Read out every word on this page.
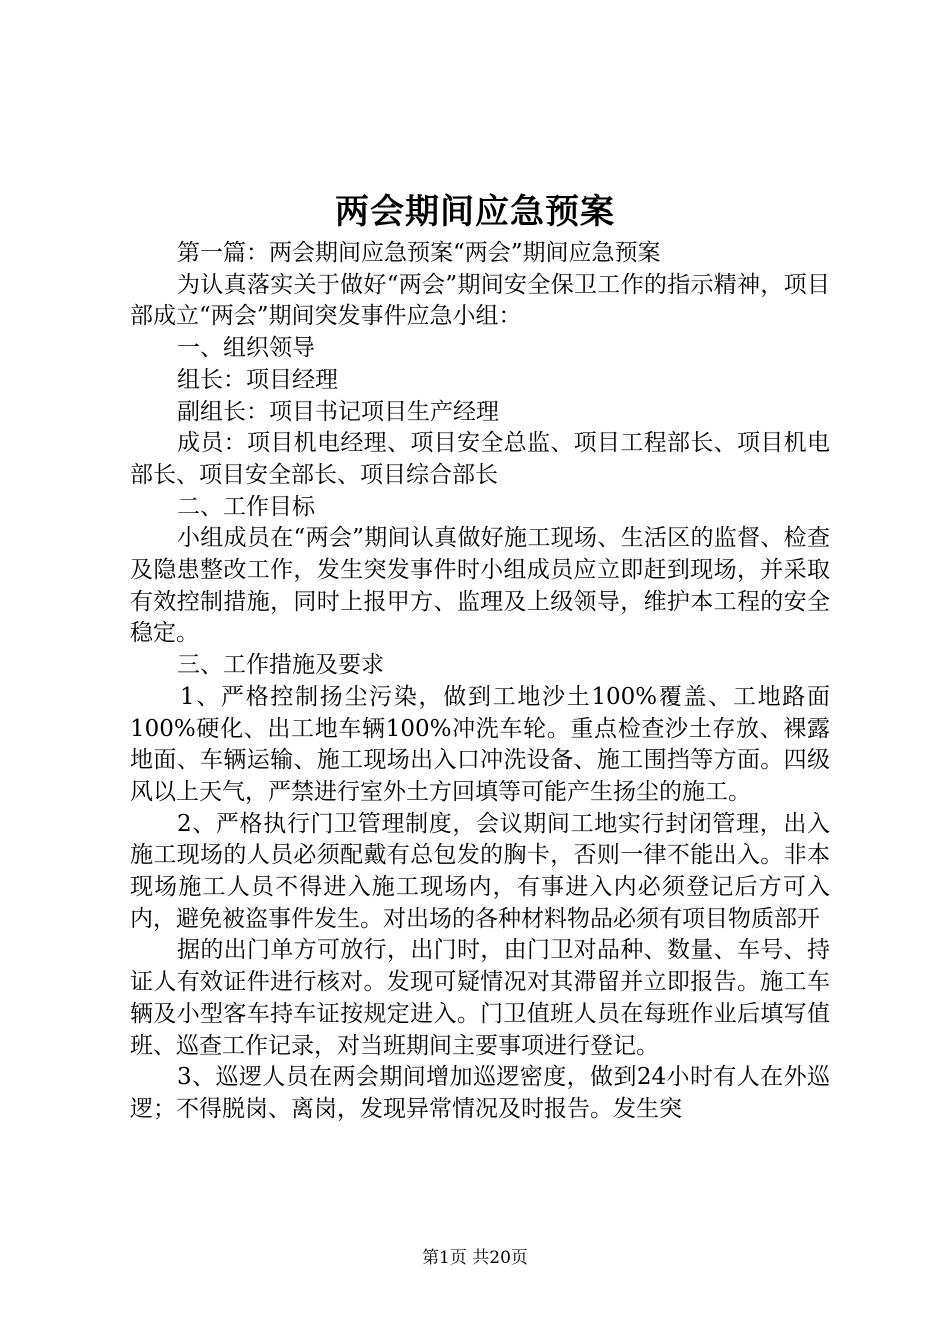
两会期间应急预案

第一篇：两会期间应急预案“两会”期间应急预案

为认真落实关于做好“两会”期间安全保卫工作的指示精神，项目部成立“两会”期间突发事件应急小组：

一、组织领导

组长：项目经理

副组长：项目书记项目生产经理

成员：项目机电经理、项目安全总监、项目工程部长、项目机电部长、项目安全部长、项目综合部长

二、工作目标

小组成员在“两会”期间认真做好施工现场、生活区的监督、检查及隐患整改工作，发生突发事件时小组成员应立即赶到现场，并采取有效控制措施，同时上报甲方、监理及上级领导，维护本工程的安全稳定。

三、工作措施及要求

1、严格控制扬尘污染，做到工地沙土100%覆盖、工地路面100%硬化、出工地车辆100%冲洗车轮。重点检查沙土存放、裸露地面、车辆运输、施工现场出入口冲洗设备、施工围挡等方面。四级风以上天气，严禁进行室外土方回填等可能产生扬尘的施工。

2、严格执行门卫管理制度，会议期间工地实行封闭管理，出入施工现场的人员必须配戴有总包发的胸卡，否则一律不能出入。非本现场施工人员不得进入施工现场内，有事进入内必须登记后方可入内，避免被盗事件发生。对出场的各种材料物品必须有项目物质部开

据的出门单方可放行，出门时，由门卫对品种、数量、车号、持证人有效证件进行核对。发现可疑情况对其滞留并立即报告。施工车辆及小型客车持车证按规定进入。门卫值班人员在每班作业后填写值班、巡查工作记录，对当班期间主要事项进行登记。

3、巡逻人员在两会期间增加巡逻密度，做到24小时有人在外巡逻；不得脱岗、离岗，发现异常情况及时报告。发生突

第1页 共20页
